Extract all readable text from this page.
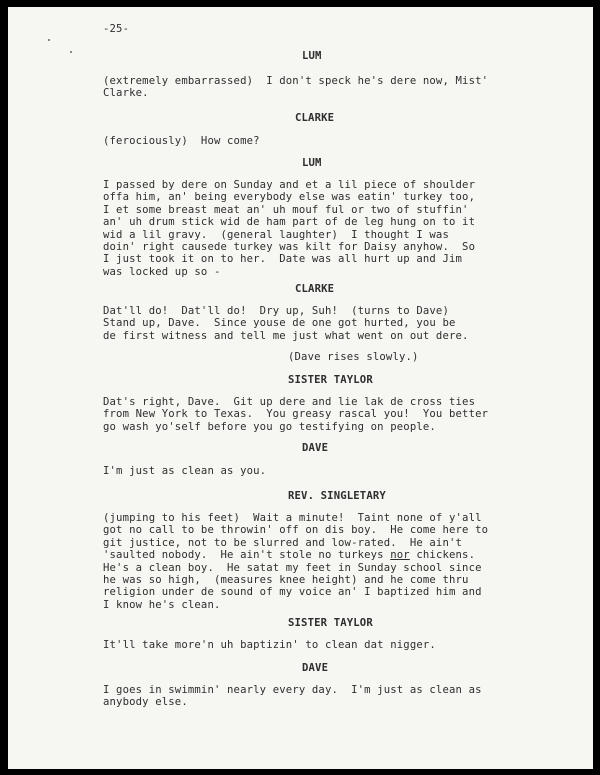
-25-
LUM
(extremely embarrassed)  I don't speck he's dere now, Mist'
Clarke.
CLARKE
(ferociously)  How come?
LUM
I passed by dere on Sunday and et a lil piece of shoulder
offa him, an' being everybody else was eatin' turkey too,
I et some breast meat an' uh mouf ful or two of stuffin'
an' uh drum stick wid de ham part of de leg hung on to it
wid a lil gravy.  (general laughter)  I thought I was
doin' right causede turkey was kilt for Daisy anyhow.  So
I just took it on to her.  Date was all hurt up and Jim
was locked up so -
CLARKE
Dat'll do!  Dat'll do!  Dry up, Suh!  (turns to Dave)
Stand up, Dave.  Since youse de one got hurted, you be
de first witness and tell me just what went on out dere.
(Dave rises slowly.)
SISTER TAYLOR
Dat's right, Dave.  Git up dere and lie lak de cross ties
from New York to Texas.  You greasy rascal you!  You better
go wash yo'self before you go testifying on people.
DAVE
I'm just as clean as you.
REV. SINGLETARY
(jumping to his feet)  Wait a minute!  Taint none of y'all
got no call to be throwin' off on dis boy.  He come here to
git justice, not to be slurred and low-rated.  He ain't
'saulted nobody.  He ain't stole no turkeys nor chickens.
He's a clean boy.  He satat my feet in Sunday school since
he was so high,  (measures knee height) and he come thru
religion under de sound of my voice an' I baptized him and
I know he's clean.
SISTER TAYLOR
It'll take more'n uh baptizin' to clean dat nigger.
DAVE
I goes in swimmin' nearly every day.  I'm just as clean as
anybody else.
